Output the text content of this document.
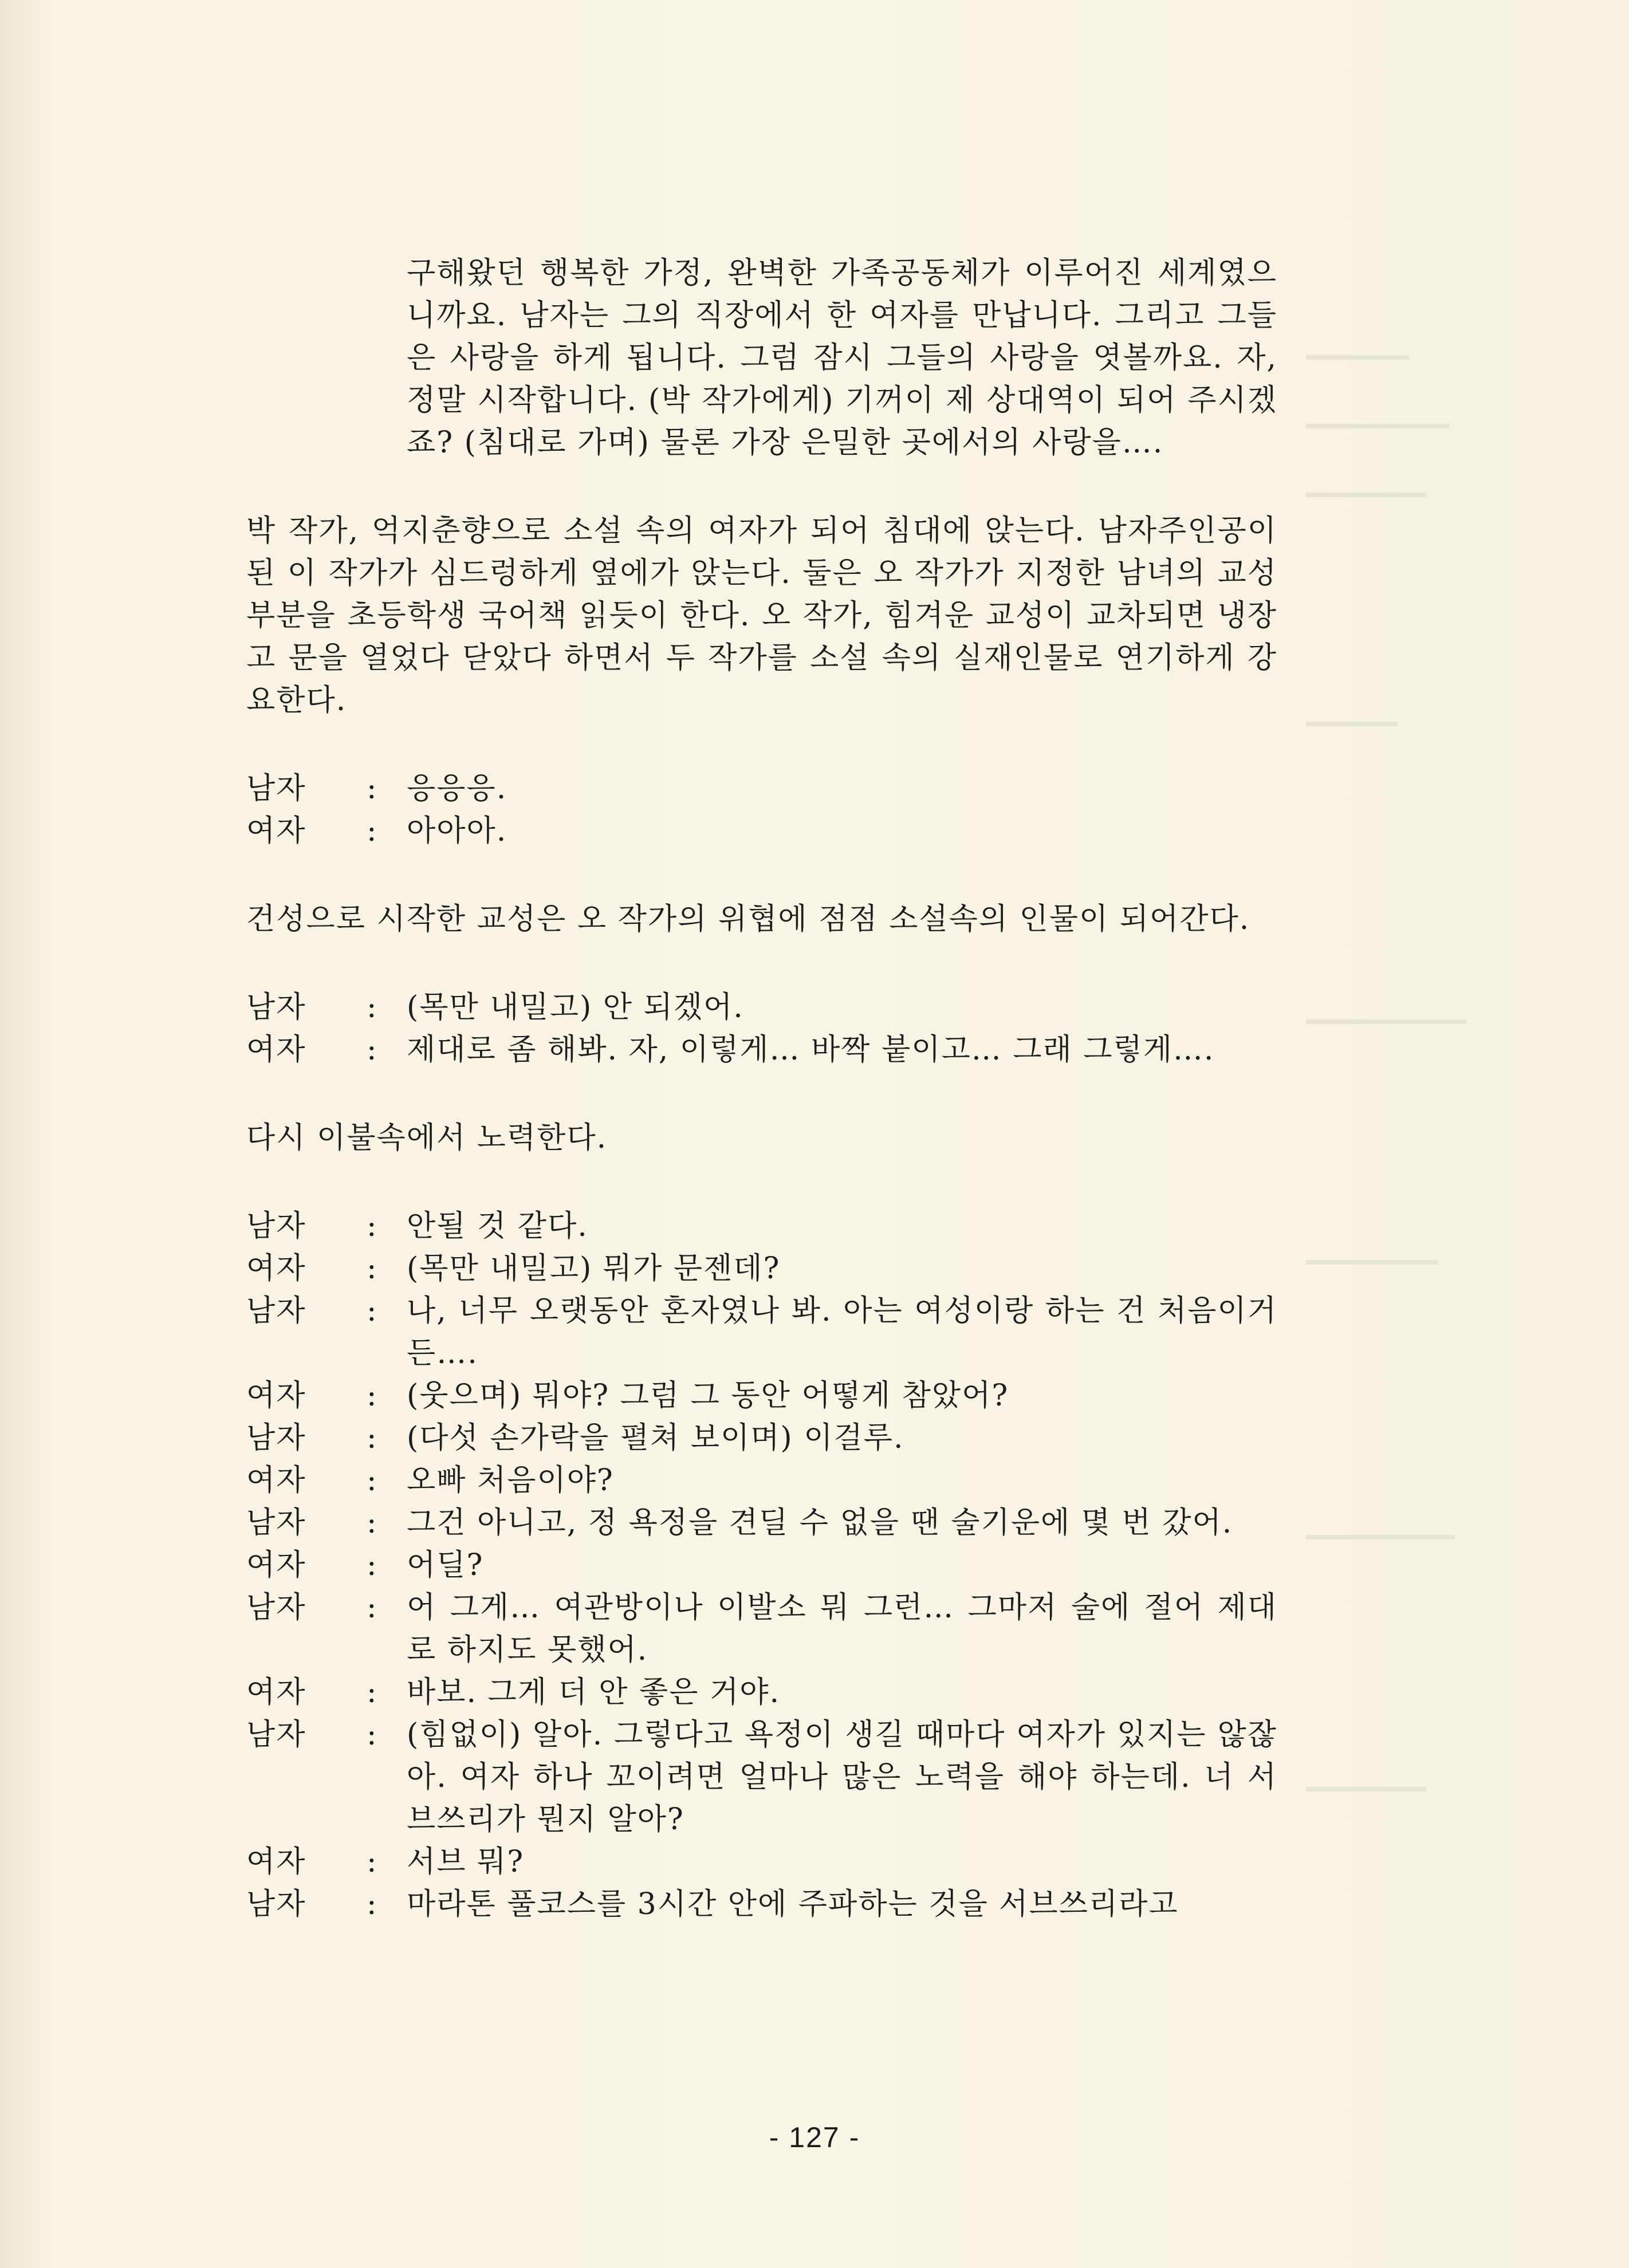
구해왔던 행복한 가정, 완벽한 가족공동체가 이루어진 세계였으니까요. 남자는 그의 직장에서 한 여자를 만납니다. 그리고 그들은 사랑을 하게 됩니다. 그럼 잠시 그들의 사랑을 엿볼까요. 자, 정말 시작합니다. (박 작가에게) 기꺼이 제 상대역이 되어 주시겠죠? (침대로 가며) 물론 가장 은밀한 곳에서의 사랑을….
박 작가, 억지춘향으로 소설 속의 여자가 되어 침대에 앉는다. 남자주인공이 된 이 작가가 심드렁하게 옆에가 앉는다. 둘은 오 작가가 지정한 남녀의 교성 부분을 초등학생 국어책 읽듯이 한다. 오 작가, 힘겨운 교성이 교차되면 냉장고 문을 열었다 닫았다 하면서 두 작가를 소설 속의 실재인물로 연기하게 강요한다.
남자	: 응응응.
여자	: 아아아.
건성으로 시작한 교성은 오 작가의 위협에 점점 소설속의 인물이 되어간다.
남자	: (목만 내밀고) 안 되겠어.
여자	: 제대로 좀 해봐. 자, 이렇게… 바짝 붙이고… 그래 그렇게….
다시 이불속에서 노력한다.
남자	: 안될 것 같다.
여자	: (목만 내밀고) 뭐가 문젠데?
남자	: 나, 너무 오랫동안 혼자였나 봐. 아는 여성이랑 하는 건 처음이거든….
여자	: (웃으며) 뭐야? 그럼 그 동안 어떻게 참았어?
남자	: (다섯 손가락을 펼쳐 보이며) 이걸루.
여자	: 오빠 처음이야?
남자	: 그건 아니고, 정 욕정을 견딜 수 없을 땐 술기운에 몇 번 갔어.
여자	: 어딜?
남자	: 어 그게… 여관방이나 이발소 뭐 그런… 그마저 술에 절어 제대로 하지도 못했어.
여자	: 바보. 그게 더 안 좋은 거야.
남자	: (힘없이) 알아. 그렇다고 욕정이 생길 때마다 여자가 있지는 않잖아. 여자 하나 꼬이려면 얼마나 많은 노력을 해야 하는데. 너 서브쓰리가 뭔지 알아?
여자	: 서브 뭐?
남자	: 마라톤 풀코스를 3시간 안에 주파하는 것을 서브쓰리라고
- 127 -
